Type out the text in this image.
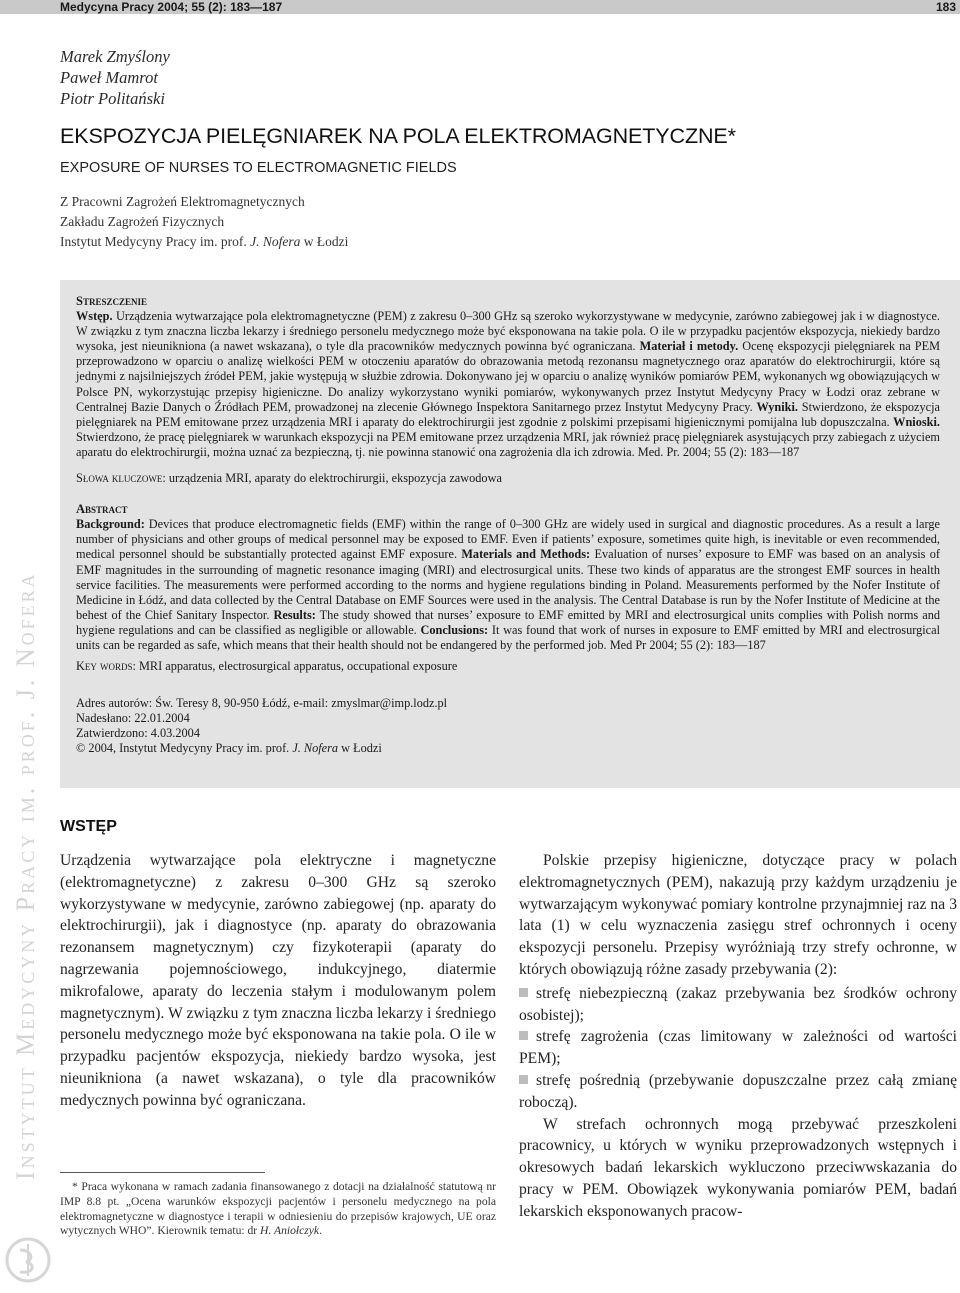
Medycyna Pracy 2004; 55 (2): 183—187	183
Marek Zmyślony
Paweł Mamrot
Piotr Politański
EKSPOZYCJA PIELĘGNIAREK NA POLA ELEKTROMAGNETYCZNE*
EXPOSURE OF NURSES TO ELECTROMAGNETIC FIELDS
Z Pracowni Zagrożeń Elektromagnetycznych
Zakładu Zagrożeń Fizycznych
Instytut Medycyny Pracy im. prof. J. Nofera w Łodzi

Streszczenie

Wstęp. Urządzenia wytwarzające pola elektromagnetyczne (PEM) z zakresu 0–300 GHz są szeroko wykorzystywane w medycynie, zarówno zabiegowej jak i w diagnostyce. W związku z tym znaczna liczba lekarzy i średniego personelu medycznego może być eksponowana na takie pola. O ile w przypadku pacjentów ekspozycja, niekiedy bardzo wysoka, jest nieunikniona (a nawet wskazana), o tyle dla pracowników medycznych powinna być ograniczana. Materiał i metody. Ocenę ekspozycji pielęgniarek na PEM przeprowadzono w oparciu o analizę wielkości PEM w otoczeniu aparatów do obrazowania metodą rezonansu magnetycznego oraz aparatów do elektrochirurgii, które są jednymi z najsilniejszych źródeł PEM, jakie występują w służbie zdrowia. Dokonywano jej w oparciu o analizę wyników pomiarów PEM, wykonanych wg obowiązujących w Polsce PN, wykorzystując przepisy higieniczne. Do analizy wykorzystano wyniki pomiarów, wykonywanych przez Instytut Medycyny Pracy w Łodzi oraz zebrane w Centralnej Bazie Danych o Źródłach PEM, prowadzonej na zlecenie Głównego Inspektora Sanitarnego przez Instytut Medycyny Pracy. Wyniki. Stwierdzono, że ekspozycja pielęgniarek na PEM emitowane przez urządzenia MRI i aparaty do elektrochirurgii jest zgodnie z polskimi przepisami higienicznymi pomijalna lub dopuszczalna. Wnioski. Stwierdzono, że pracę pielęgniarek w warunkach ekspozycji na PEM emitowane przez urządzenia MRI, jak również pracę pielęgniarek asystujących przy zabiegach z użyciem aparatu do elektrochirurgii, można uznać za bezpieczną, tj. nie powinna stanowić ona zagrożenia dla ich zdrowia. Med. Pr. 2004; 55 (2): 183—187

Słowa kluczowe: urządzenia MRI, aparaty do elektrochirurgii, ekspozycja zawodowa

Abstract

Background: Devices that produce electromagnetic fields (EMF) within the range of 0–300 GHz are widely used in surgical and diagnostic procedures. As a result a large number of physicians and other groups of medical personnel may be exposed to EMF. Even if patients’ exposure, sometimes quite high, is inevitable or even recommended, medical personnel should be substantially protected against EMF exposure. Materials and Methods: Evaluation of nurses’ exposure to EMF was based on an analysis of EMF magnitudes in the surrounding of magnetic resonance imaging (MRI) and electrosurgical units. These two kinds of apparatus are the strongest EMF sources in health service facilities. The measurements were performed according to the norms and hygiene regulations binding in Poland. Measurements performed by the Nofer Institute of Medicine in Łódź, and data collected by the Central Database on EMF Sources were used in the analysis. The Central Database is run by the Nofer Institute of Medicine at the behest of the Chief Sanitary Inspector. Results: The study showed that nurses’ exposure to EMF emitted by MRI and electrosurgical units complies with Polish norms and hygiene regulations and can be classified as negligible or allowable. Conclusions: It was found that work of nurses in exposure to EMF emitted by MRI and electrosurgical units can be regarded as safe, which means that their health should not be endangered by the performed job. Med Pr 2004; 55 (2): 183—187

Key words: MRI apparatus, electrosurgical apparatus, occupational exposure

Adres autorów: Św. Teresy 8, 90-950 Łódź, e-mail: zmyslmar@imp.lodz.pl
Nadesłano: 22.01.2004
Zatwierdzono: 4.03.2004
© 2004, Instytut Medycyny Pracy im. prof. J. Nofera w Łodzi
Instytut Medycyny Pracy im. prof. J. Nofera	WSTĘP

Urządzenia wytwarzające pola elektryczne i magnetyczne (elektromagnetyczne) z zakresu 0–300 GHz są szeroko wykorzystywane w medycynie, zarówno zabiegowej (np. aparaty do elektrochirurgii), jak i diagnostyce (np. aparaty do obrazowania rezonansem magnetycznym) czy fizykoterapii (aparaty do nagrzewania pojemnościowego, indukcyjnego, diatermie mikrofalowe, aparaty do leczenia stałym i modulowanym polem magnetycznym). W związku z tym znaczna liczba lekarzy i średniego personelu medycznego może być eksponowana na takie pola. O ile w przypadku pacjentów ekspozycja, niekiedy bardzo wysoka, jest nieunikniona (a nawet wskazana), o tyle dla pracowników medycznych powinna być ograniczana.

* Praca wykonana w ramach zadania finansowanego z dotacji na działalność statutową nr IMP 8.8 pt. „Ocena warunków ekspozycji pacjentów i personelu medycznego na pola elektromagnetyczne w diagnostyce i terapii w odniesieniu do przepisów krajowych, UE oraz wytycznych WHO”. Kierownik tematu: dr H. Aniołczyk.

Polskie przepisy higieniczne, dotyczące pracy w polach elektromagnetycznych (PEM), nakazują przy każdym urządzeniu je wytwarzającym wykonywać pomiary kontrolne przynajmniej raz na 3 lata (1) w celu wyznaczenia zasięgu stref ochronnych i oceny ekspozycji personelu. Przepisy wyróżniają trzy strefy ochronne, w których obowiązują różne zasady przebywania (2):

strefę niebezpieczną (zakaz przebywania bez środków ochrony osobistej);

strefę zagrożenia (czas limitowany w zależności od wartości PEM);

strefę pośrednią (przebywanie dopuszczalne przez całą zmianę roboczą).

W strefach ochronnych mogą przebywać przeszkoleni pracownicy, u których w wyniku przeprowadzonych wstępnych i okresowych badań lekarskich wykluczono przeciwwskazania do pracy w PEM. Obowiązek wykonywania pomiarów PEM, badań lekarskich eksponowanych pracow-
